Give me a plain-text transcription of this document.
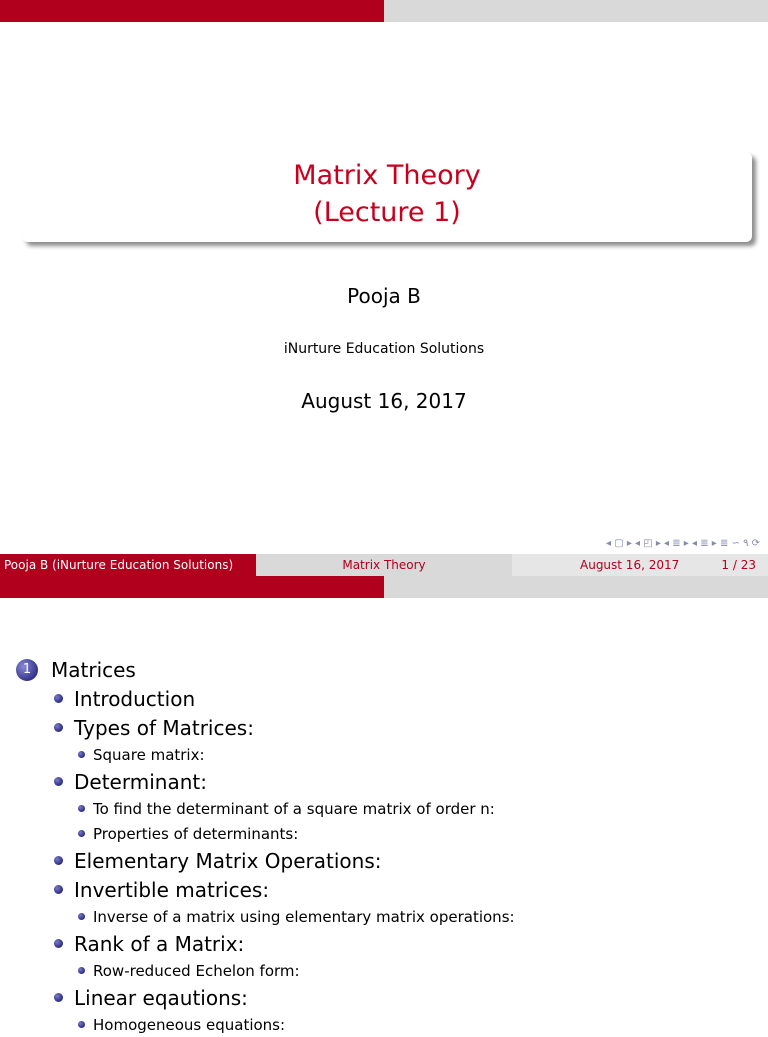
Matrix Theory
(Lecture 1)
Pooja B
iNurture Education Solutions
August 16, 2017
◂ ▢ ▸ ◂ ◰ ▸ ◂ ≣ ▸ ◂ ≣ ▸ ≣ ∽ ۹ ⟳
Pooja B (iNurture Education Solutions)	Matrix Theory	August 16, 2017	1 / 23
1 Matrices
Introduction
Types of Matrices:
Square matrix:
Determinant:
To find the determinant of a square matrix of order n:
Properties of determinants:
Elementary Matrix Operations:
Invertible matrices:
Inverse of a matrix using elementary matrix operations:
Rank of a Matrix:
Row-reduced Echelon form:
Linear eqautions:
Homogeneous equations:
